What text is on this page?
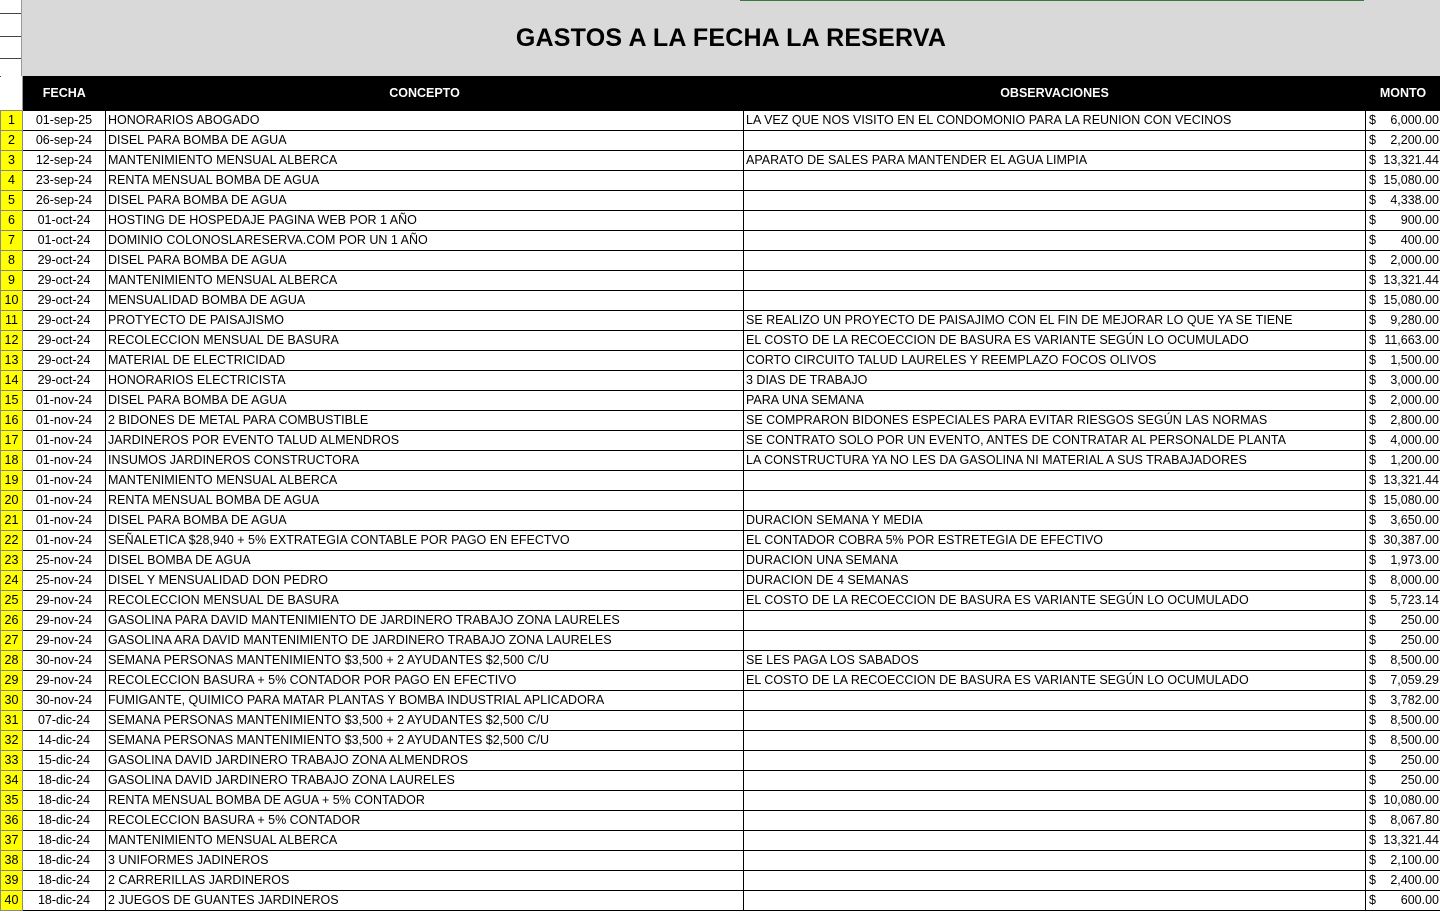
GASTOS A LA FECHA LA RESERVA
	FECHA	CONCEPTO	OBSERVACIONES	MONTO
1	01-sep-25	HONORARIOS ABOGADO	LA VEZ QUE NOS VISITO EN EL CONDOMONIO PARA LA REUNION CON VECINOS	$ 6,000.00

2	06-sep-24	DISEL PARA BOMBA DE AGUA		$ 2,200.00

3	12-sep-24	MANTENIMIENTO MENSUAL ALBERCA	APARATO DE SALES PARA MANTENDER EL AGUA LIMPIA	$ 13,321.44

4	23-sep-24	RENTA MENSUAL BOMBA DE AGUA		$ 15,080.00

5	26-sep-24	DISEL PARA BOMBA DE AGUA		$ 4,338.00

6	01-oct-24	HOSTING DE HOSPEDAJE PAGINA WEB POR 1 AÑO		$ 900.00

7	01-oct-24	DOMINIO COLONOSLARESERVA.COM POR UN 1 AÑO		$ 400.00

8	29-oct-24	DISEL PARA BOMBA DE AGUA		$ 2,000.00

9	29-oct-24	MANTENIMIENTO MENSUAL ALBERCA		$ 13,321.44

10	29-oct-24	MENSUALIDAD BOMBA DE AGUA		$ 15,080.00

11	29-oct-24	PROTYECTO DE PAISAJISMO	SE REALIZO UN PROYECTO DE PAISAJIMO CON EL FIN DE MEJORAR LO QUE YA SE TIENE	$ 9,280.00

12	29-oct-24	RECOLECCION MENSUAL DE BASURA	EL COSTO DE LA RECOECCION DE BASURA ES VARIANTE SEGÚN LO OCUMULADO	$ 11,663.00

13	29-oct-24	MATERIAL DE ELECTRICIDAD	CORTO CIRCUITO TALUD LAURELES Y REEMPLAZO FOCOS OLIVOS	$ 1,500.00

14	29-oct-24	HONORARIOS ELECTRICISTA	3 DIAS DE TRABAJO	$ 3,000.00

15	01-nov-24	DISEL PARA BOMBA DE AGUA	PARA UNA SEMANA	$ 2,000.00

16	01-nov-24	2 BIDONES DE METAL PARA COMBUSTIBLE	SE COMPRARON BIDONES ESPECIALES PARA EVITAR RIESGOS SEGÚN LAS NORMAS	$ 2,800.00

17	01-nov-24	JARDINEROS POR EVENTO TALUD ALMENDROS	SE CONTRATO SOLO POR UN EVENTO, ANTES DE CONTRATAR AL PERSONALDE PLANTA	$ 4,000.00

18	01-nov-24	INSUMOS JARDINEROS CONSTRUCTORA	LA CONSTRUCTURA YA NO LES DA GASOLINA NI MATERIAL A SUS TRABAJADORES	$ 1,200.00

19	01-nov-24	MANTENIMIENTO MENSUAL ALBERCA		$ 13,321.44

20	01-nov-24	RENTA MENSUAL BOMBA DE AGUA		$ 15,080.00

21	01-nov-24	DISEL PARA BOMBA DE AGUA	DURACION SEMANA Y MEDIA	$ 3,650.00

22	01-nov-24	SEÑALETICA $28,940 + 5% EXTRATEGIA CONTABLE POR PAGO EN EFECTVO	EL CONTADOR COBRA 5% POR ESTRETEGIA DE EFECTIVO	$ 30,387.00

23	25-nov-24	DISEL BOMBA DE AGUA	DURACION UNA SEMANA	$ 1,973.00

24	25-nov-24	DISEL Y MENSUALIDAD DON PEDRO	DURACION DE 4 SEMANAS	$ 8,000.00

25	29-nov-24	RECOLECCION MENSUAL DE BASURA	EL COSTO DE LA RECOECCION DE BASURA ES VARIANTE SEGÚN LO OCUMULADO	$ 5,723.14

26	29-nov-24	GASOLINA PARA DAVID MANTENIMIENTO DE JARDINERO TRABAJO ZONA LAURELES		$ 250.00

27	29-nov-24	GASOLINA ARA DAVID MANTENIMIENTO DE JARDINERO TRABAJO ZONA LAURELES		$ 250.00

28	30-nov-24	SEMANA PERSONAS MANTENIMIENTO $3,500 + 2 AYUDANTES $2,500 C/U	SE LES PAGA LOS SABADOS	$ 8,500.00

29	29-nov-24	RECOLECCION BASURA + 5% CONTADOR POR PAGO EN EFECTIVO	EL COSTO DE LA RECOECCION DE BASURA ES VARIANTE SEGÚN LO OCUMULADO	$ 7,059.29

30	30-nov-24	FUMIGANTE, QUIMICO PARA MATAR PLANTAS Y BOMBA INDUSTRIAL APLICADORA		$ 3,782.00

31	07-dic-24	SEMANA PERSONAS MANTENIMIENTO $3,500 + 2 AYUDANTES $2,500 C/U		$ 8,500.00

32	14-dic-24	SEMANA PERSONAS MANTENIMIENTO $3,500 + 2 AYUDANTES $2,500 C/U		$ 8,500.00

33	15-dic-24	GASOLINA DAVID JARDINERO TRABAJO ZONA ALMENDROS		$ 250.00

34	18-dic-24	GASOLINA DAVID JARDINERO TRABAJO ZONA LAURELES		$ 250.00

35	18-dic-24	RENTA MENSUAL BOMBA DE AGUA + 5% CONTADOR		$ 10,080.00

36	18-dic-24	RECOLECCION BASURA + 5% CONTADOR		$ 8,067.80

37	18-dic-24	MANTENIMIENTO MENSUAL ALBERCA		$ 13,321.44

38	18-dic-24	3 UNIFORMES JADINEROS		$ 2,100.00

39	18-dic-24	2 CARRERILLAS JARDINEROS		$ 2,400.00

40	18-dic-24	2 JUEGOS DE GUANTES JARDINEROS		$ 600.00
